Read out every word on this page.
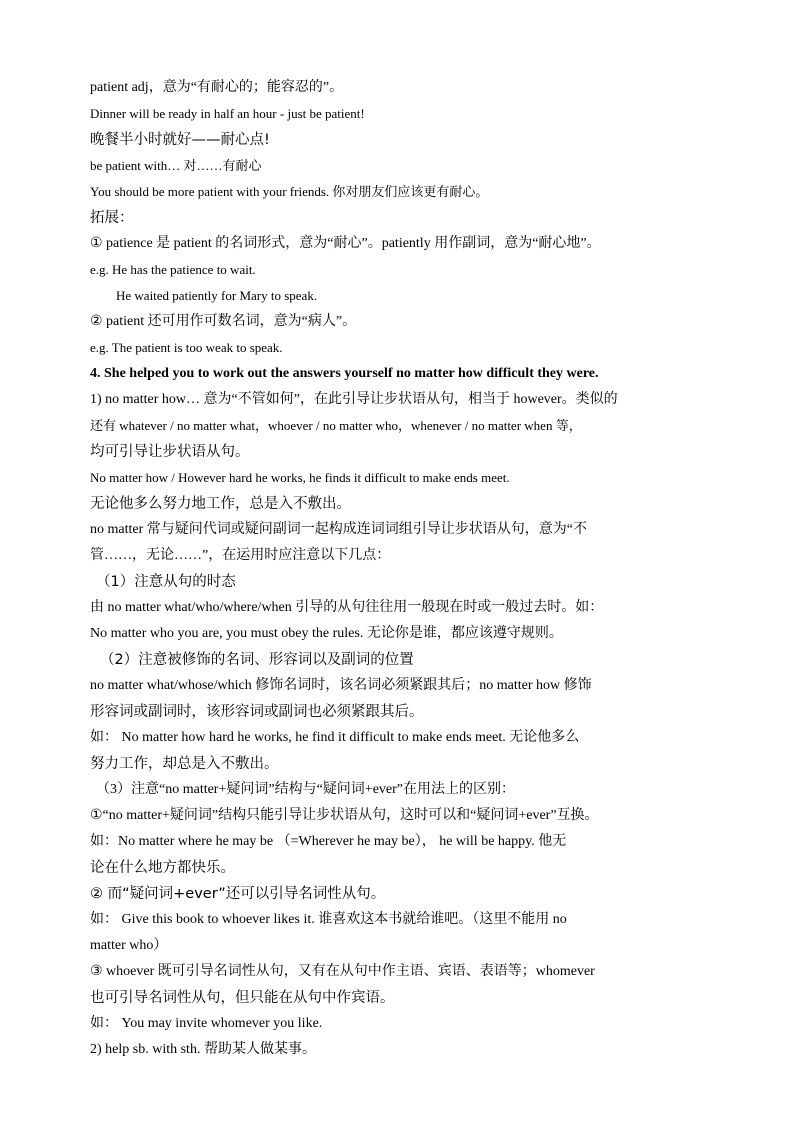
patient adj，意为“有耐心的；能容忍的”。
Dinner will be ready in half an hour - just be patient!
晚餐半小时就好——耐心点!
be patient with… 对……有耐心
You should be more patient with your friends. 你对朋友们应该更有耐心。
拓展：
① patience 是 patient 的名词形式，意为“耐心”。patiently 用作副词，意为“耐心地”。
e.g. He has the patience to wait.
He waited patiently for Mary to speak.
② patient 还可用作可数名词，意为“病人”。
e.g. The patient is too weak to speak.
4. She helped you to work out the answers yourself no matter how difficult they were.
1) no matter how… 意为“不管如何”，在此引导让步状语从句，相当于 however。类似的
还有 whatever / no matter what，whoever / no matter who，whenever / no matter when 等，
均可引导让步状语从句。
No matter how / However hard he works, he finds it difficult to make ends meet.
无论他多么努力地工作，总是入不敷出。
no matter 常与疑问代词或疑问副词一起构成连词词组引导让步状语从句，意为“不
管……，无论……”，在运用时应注意以下几点：
（1）注意从句的时态
由 no matter what/who/where/when 引导的从句往往用一般现在时或一般过去时。如：
No matter who you are, you must obey the rules. 无论你是谁，都应该遵守规则。
（2）注意被修饰的名词、形容词以及副词的位置
no matter what/whose/which 修饰名词时，该名词必须紧跟其后；no matter how 修饰
形容词或副词时，该形容词或副词也必须紧跟其后。
如： No matter how hard he works, he find it difficult to make ends meet. 无论他多么
努力工作，却总是入不敷出。
（3）注意“no matter+疑问词”结构与“疑问词+ever”在用法上的区别：
①“no matter+疑问词”结构只能引导让步状语从句，这时可以和“疑问词+ever”互换。
如：No matter where he may be （=Wherever he may be）， he will be happy. 他无
论在什么地方都快乐。
② 而“疑问词+ever”还可以引导名词性从句。
如： Give this book to whoever likes it. 谁喜欢这本书就给谁吧。（这里不能用 no
matter who）
③ whoever 既可引导名词性从句，又有在从句中作主语、宾语、表语等；whomever
也可引导名词性从句，但只能在从句中作宾语。
如： You may invite whomever you like.
2) help sb. with sth. 帮助某人做某事。
